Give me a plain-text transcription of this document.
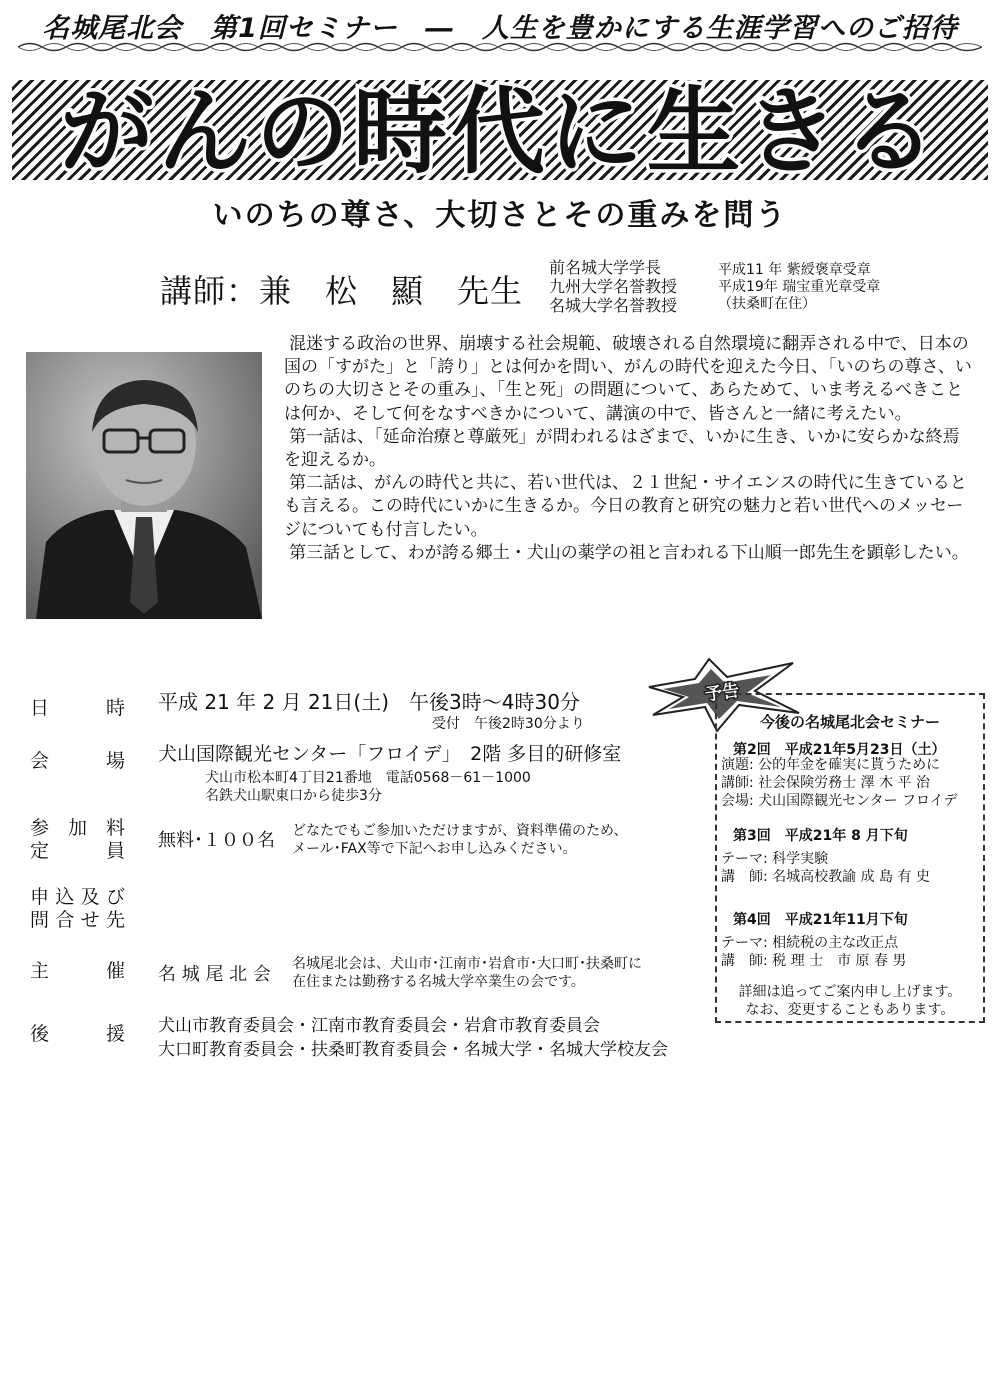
名城尾北会　第1回セミナー　―　人生を豊かにする生涯学習へのご招待
がんの時代に生きる
いのちの尊さ、大切さとその重みを問う
講師：兼　松　顯　先生
前名城大学学長
九州大学名誉教授
名城大学名誉教授
平成11 年 紫綬褒章受章
平成19年 瑞宝重光章受章
（扶桑町在住）

混迷する政治の世界、崩壊する社会規範、破壊される自然環境に翻弄される中で、日本の国の「すがた」と「誇り」とは何かを問い、がんの時代を迎えた今日、「いのちの尊さ、いのちの大切さとその重み」、「生と死」の問題について、あらためて、いま考えるべきことは何か、そして何をなすべきかについて、講演の中で、皆さんと一緒に考えたい。

第一話は、「延命治療と尊厳死」が問われるはざまで、いかに生き、いかに安らかな終焉を迎えるか。

第二話は、がんの時代と共に、若い世代は、２１世紀・サイエンスの時代に生きているとも言える。この時代にいかに生きるか。今日の教育と研究の魅力と若い世代へのメッセージについても付言したい。

第三話として、わが誇る郷土・犬山の薬学の祖と言われる下山順一郎先生を顕彰したい。

日時 平成 21 年 2 月 21日(土)　午後3時～4時30分
受付　午後2時30分より
会場 犬山国際観光センター「フロイデ」　2階 多目的研修室
犬山市松本町4丁目21番地　電話0568－61－1000
名鉄犬山駅東口から徒歩3分
参加料
定員 無料･１００名 どなたでもご参加いただけますが、資料準備のため、
メール･FAX等で下記へお申し込みください。
申込及び
問合せ先
主催 名 城 尾 北 会 名城尾北会は、犬山市･江南市･岩倉市･大口町･扶桑町に
在住または勤務する名城大学卒業生の会です。
後援 犬山市教育委員会・江南市教育委員会・岩倉市教育委員会
大口町教育委員会・扶桑町教育委員会・名城大学・名城大学校友会
予告
今後の名城尾北会セミナー
第2回　平成21年5月23日（土）
演題: 公的年金を確実に貰うために
講師: 社会保険労務士 澤 木 平 治
会場: 犬山国際観光センター フロイデ
第3回　平成21年 8 月下旬
テーマ: 科学実験
講　師: 名城高校教諭 成 島 有 史
第4回　平成21年11月下旬
テーマ: 相続税の主な改正点
講　師: 税 理 士　市 原 春 男
詳細は追ってご案内申し上げます。
なお、変更することもあります。
